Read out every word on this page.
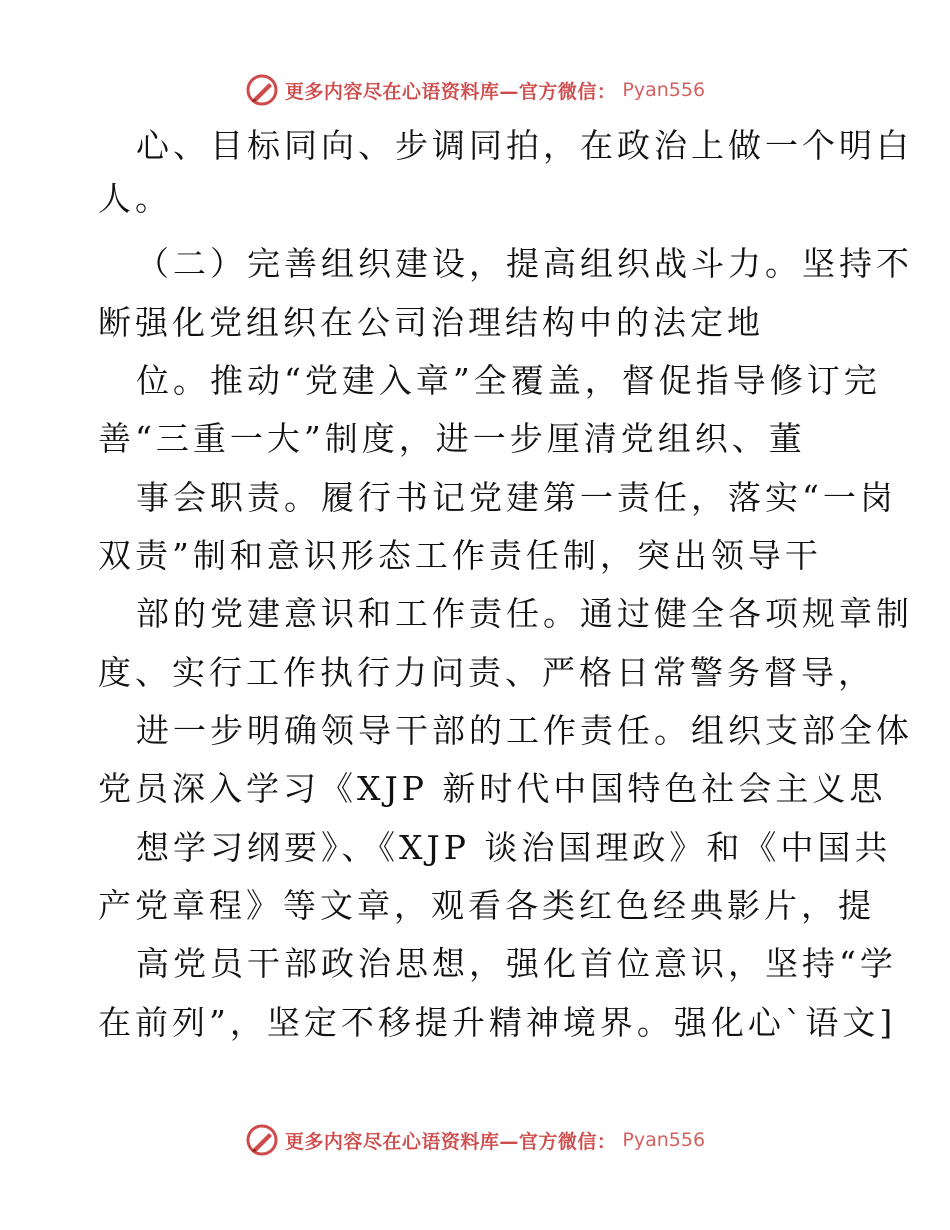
更多内容尽在心语资料库—官方微信： Pyan556
心、目标同向、步调同拍，在政治上做一个明白
人。
（二）完善组织建设，提高组织战斗力。坚持不
断强化党组织在公司治理结构中的法定地
位。推动“党建入章”全覆盖，督促指导修订完
善“三重一大”制度，进一步厘清党组织、董
事会职责。履行书记党建第一责任，落实“一岗
双责”制和意识形态工作责任制，突出领导干
部的党建意识和工作责任。通过健全各项规章制
度、实行工作执行力问责、严格日常警务督导，
进一步明确领导干部的工作责任。组织支部全体
党员深入学习《XJP 新时代中国特色社会主义思
想学习纲要》、《XJP 谈治国理政》和《中国共
产党章程》等文章，观看各类红色经典影片，提
高党员干部政治思想，强化首位意识，坚持“学
在前列”，坚定不移提升精神境界。强化心`语文]
更多内容尽在心语资料库—官方微信： Pyan556
